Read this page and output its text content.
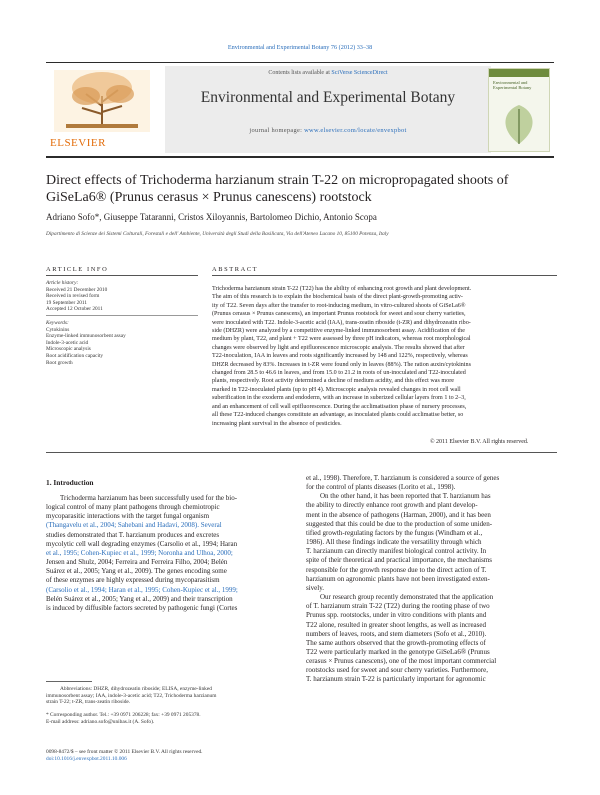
Environmental and Experimental Botany 76 (2012) 33–38
ELSEVIER
Contents lists available at SciVerse ScienceDirect
Environmental and Experimental Botany
journal homepage: www.elsevier.com/locate/envexpbot
Environmental and Experimental Botany
Direct effects of Trichoderma harzianum strain T-22 on micropropagated shoots of
GiSeLa6® (Prunus cerasus × Prunus canescens) rootstock
Adriano Sofo*, Giuseppe Tataranni, Cristos Xiloyannis, Bartolomeo Dichio, Antonio Scopa
Dipartimento di Scienze dei Sistemi Colturali, Forestali e dell' Ambiente, Università degli Studi della Basilicata, Via dell'Ateneo Lucano 10, 85100 Potenza, Italy
ARTICLE INFO
Article history:
Received 21 December 2010
Received in revised form
19 September 2011
Accepted 12 October 2011
Keywords:
Cytokinins
Enzyme-linked immunosorbent assay
Indole-3-acetic acid
Microscopic analysis
Root acidification capacity
Root growth
ABSTRACT
Trichoderma harzianum strain T-22 (T22) has the ability of enhancing root growth and plant development.
The aim of this research is to explain the biochemical basis of the direct plant-growth-promoting activ-
ity of T22. Seven days after the transfer to root-inducing medium, in vitro-cultured shoots of GiSeLa6®
(Prunus cerasus × Prunus canescens), an important Prunus rootstock for sweet and sour cherry varieties,
were inoculated with T22. Indole-3-acetic acid (IAA), trans-zeatin riboside (t-ZR) and dihydrozeatin ribo-
side (DHZR) were analyzed by a competitive enzyme-linked immunosorbent assay. Acidification of the
medium by plant, T22, and plant + T22 were assessed by three pH indicators, whereas root morphological
changes were observed by light and epifluorescence microscopic analysis. The results showed that after
T22-inoculation, IAA in leaves and roots significantly increased by 148 and 122%, respectively, whereas
DHZR decreased by 83%. Increases in t-ZR were found only in leaves (88%). The ration auxin/cytokinins
changed from 28.5 to 46.6 in leaves, and from 15.0 to 21.2 in roots of un-inoculated and T22-inoculated
plants, respectively. Root activity determined a decline of medium acidity, and this effect was more
marked in T22-inoculated plants (up to pH 4). Microscopic analysis revealed changes in root cell wall
suberification in the exoderm and endoderm, with an increase in suberized cellular layers from 1 to 2–3,
and an enhancement of cell wall epifluorescence. During the acclimatisation phase of nursery processes,
all these T22-induced changes constitute an advantage, as inoculated plants could acclimatise better, so
increasing plant survival in the absence of pesticides.
© 2011 Elsevier B.V. All rights reserved.
1. Introduction
Trichoderma harzianum has been successfully used for the bio-
logical control of many plant pathogens through chemiotropic
mycoparasitic interactions with the target fungal organism
(Thangavelu et al., 2004; Sahebani and Hadavi, 2008). Several
studies demonstrated that T. harzianum produces and excretes
mycolytic cell wall degrading enzymes (Carsolio et al., 1994; Haran
et al., 1995; Cohen-Kupiec et al., 1999; Noronha and Ulhoa, 2000;
Jensen and Shulz, 2004; Ferreira and Ferreira Filho, 2004; Belén
Suárez et al., 2005; Yang et al., 2009). The genes encoding some
of these enzymes are highly expressed during mycoparasitism
(Carsolio et al., 1994; Haran et al., 1995; Cohen-Kupiec et al., 1999;
Belén Suárez et al., 2005; Yang et al., 2009) and their transcription
is induced by diffusible factors secreted by pathogenic fungi (Cortes
et al., 1998). Therefore, T. harzianum is considered a source of genes
for the control of plants diseases (Lorito et al., 1998).
On the other hand, it has been reported that T. harzianum has
the ability to directly enhance root growth and plant develop-
ment in the absence of pathogens (Harman, 2000), and it has been
suggested that this could be due to the production of some uniden-
tified growth-regulating factors by the fungus (Windham et al.,
1986). All these findings indicate the versatility through which
T. harzianum can directly manifest biological control activity. In
spite of their theoretical and practical importance, the mechanisms
responsible for the growth response due to the direct action of T.
harzianum on agronomic plants have not been investigated exten-
sively.
Our research group recently demonstrated that the application
of T. harzianum strain T-22 (T22) during the rooting phase of two
Prunus spp. rootstocks, under in vitro conditions with plants and
T22 alone, resulted in greater shoot lengths, as well as increased
numbers of leaves, roots, and stem diameters (Sofo et al., 2010).
The same authors observed that the growth-promoting effects of
T22 were particularly marked in the genotype GiSeLa6® (Prunus
cerasus × Prunus canescens), one of the most important commercial
rootstocks used for sweet and sour cherry varieties. Furthermore,
T. harzianum strain T-22 is particularly important for agronomic
Abbreviations: DHZR, dihydrozeatin riboside; ELISA, enzyme-linked
immunosorbent assay; IAA, indole-3-acetic acid; T22, Trichoderma harzianum
strain T-22; t-ZR, trans-zeatin riboside.
* Corresponding author. Tel.: +39 0971 206228; fax: +39 0971 205378.
E-mail address: adriano.sofo@unibas.it (A. Sofo).
0098-8472/$ – see front matter © 2011 Elsevier B.V. All rights reserved.
doi:10.1016/j.envexpbot.2011.10.006
